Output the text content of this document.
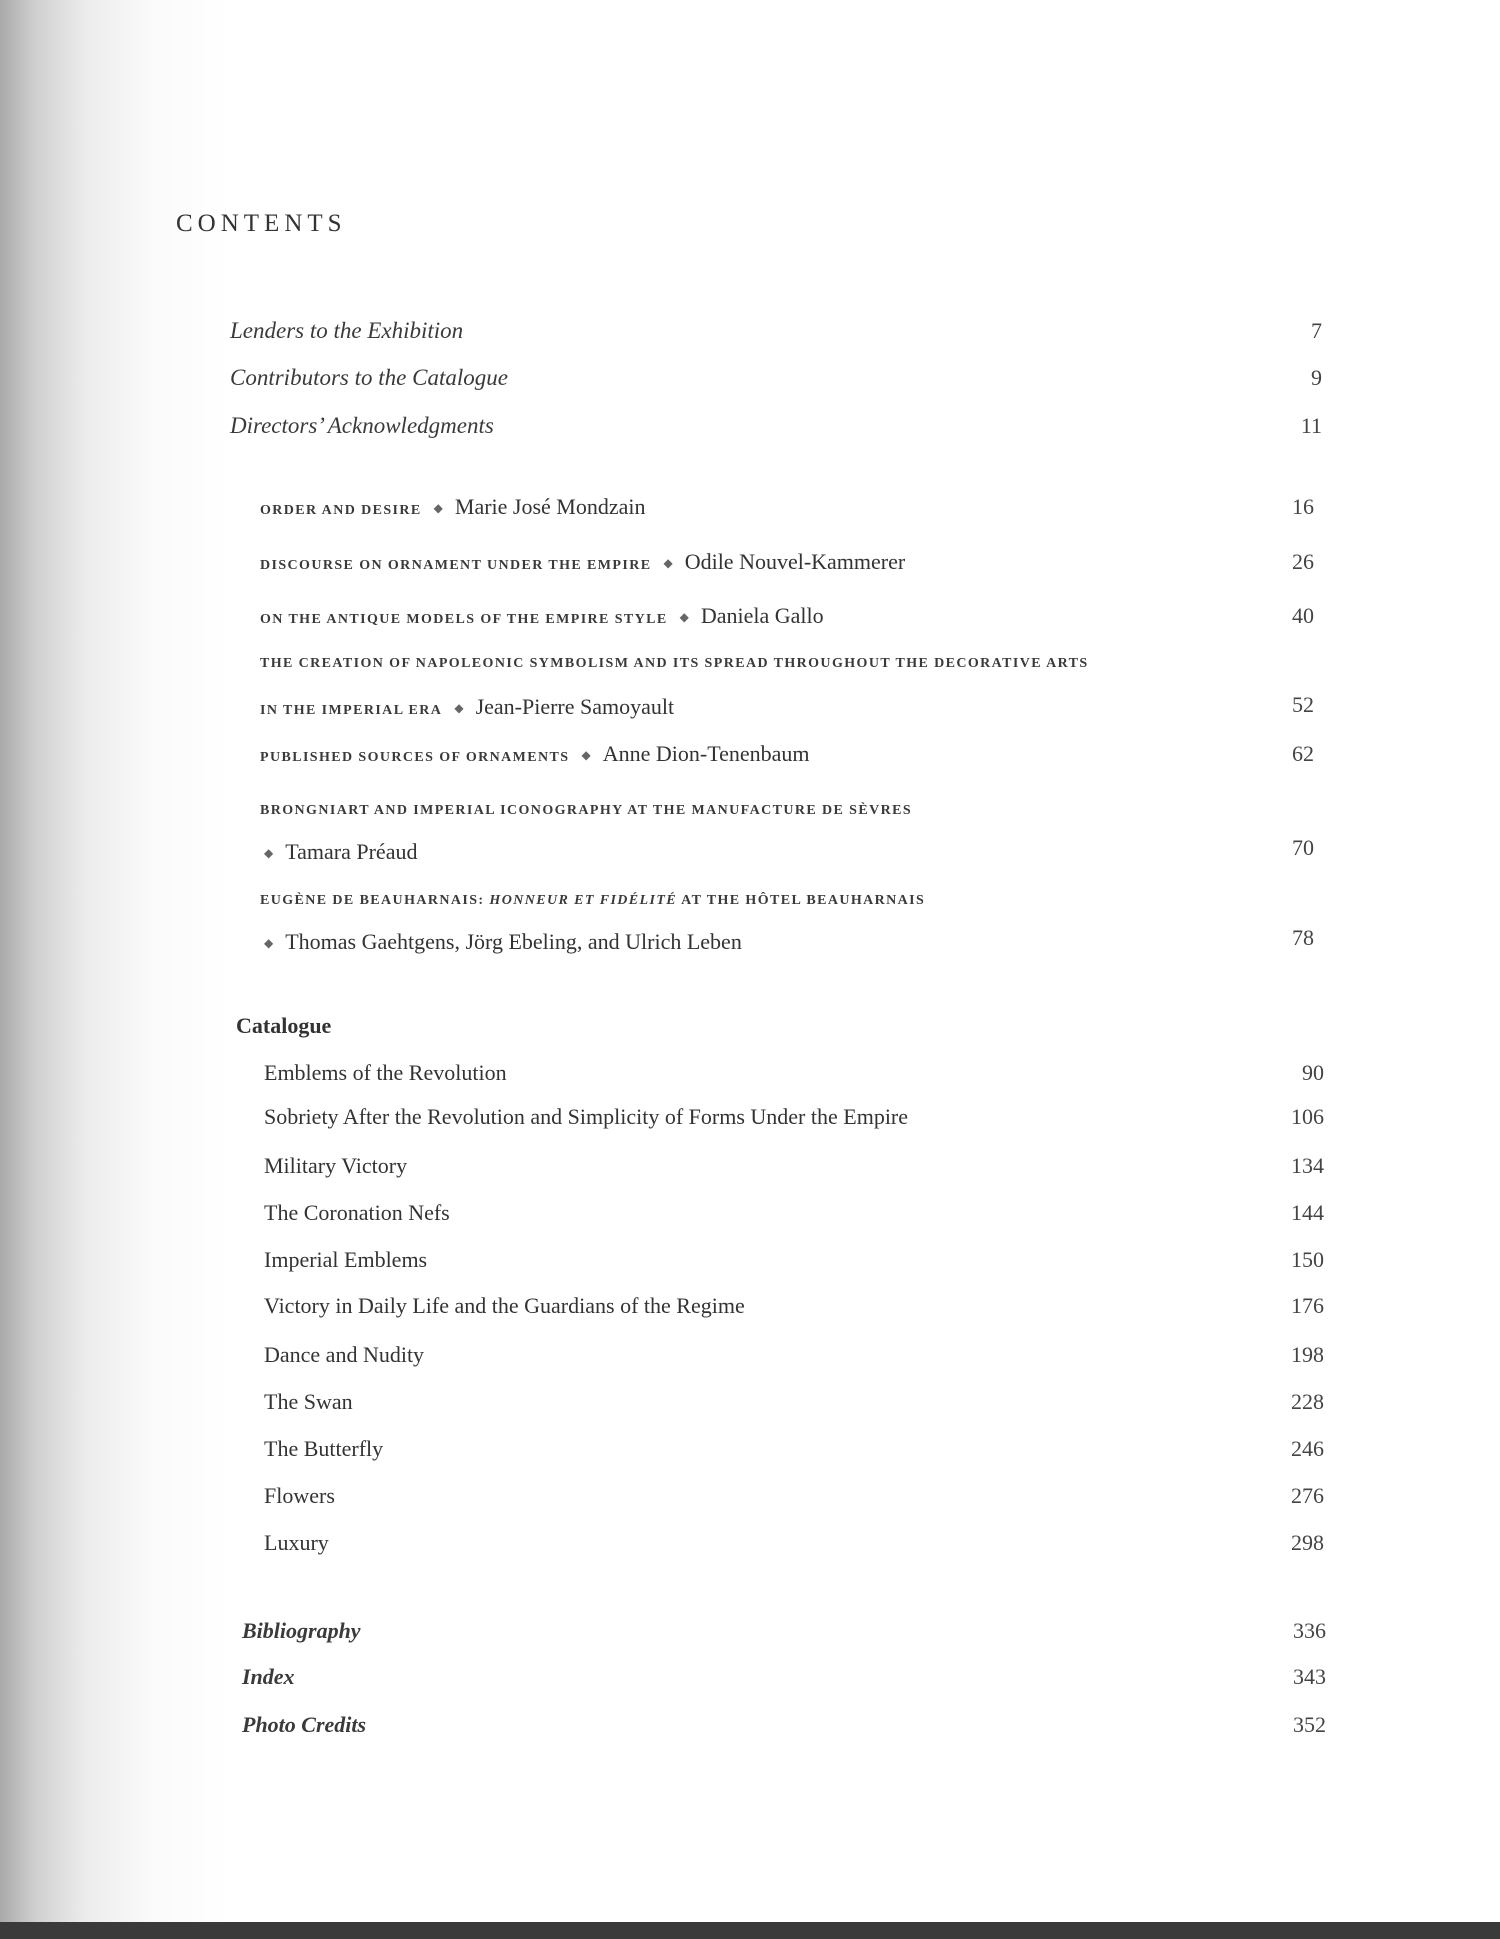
CONTENTS
Lenders to the Exhibition	7
Contributors to the Catalogue	9
Directors’ Acknowledgments	11
ORDER AND DESIRE ◆ Marie José Mondzain	16
DISCOURSE ON ORNAMENT UNDER THE EMPIRE ◆ Odile Nouvel-Kammerer	26
ON THE ANTIQUE MODELS OF THE EMPIRE STYLE ◆ Daniela Gallo	40
THE CREATION OF NAPOLEONIC SYMBOLISM AND ITS SPREAD THROUGHOUT THE DECORATIVE ARTS
IN THE IMPERIAL ERA ◆ Jean-Pierre Samoyault	52
PUBLISHED SOURCES OF ORNAMENTS ◆ Anne Dion-Tenenbaum	62
BRONGNIART AND IMPERIAL ICONOGRAPHY AT THE MANUFACTURE DE SÈVRES
◆ Tamara Préaud	70
EUGÈNE DE BEAUHARNAIS: HONNEUR ET FIDÉLITÉ AT THE HÔTEL BEAUHARNAIS
◆ Thomas Gaehtgens, Jörg Ebeling, and Ulrich Leben	78
Catalogue
Emblems of the Revolution	90
Sobriety After the Revolution and Simplicity of Forms Under the Empire	106
Military Victory	134
The Coronation Nefs	144
Imperial Emblems	150
Victory in Daily Life and the Guardians of the Regime	176
Dance and Nudity	198
The Swan	228
The Butterfly	246
Flowers	276
Luxury	298
Bibliography	336
Index	343
Photo Credits	352
